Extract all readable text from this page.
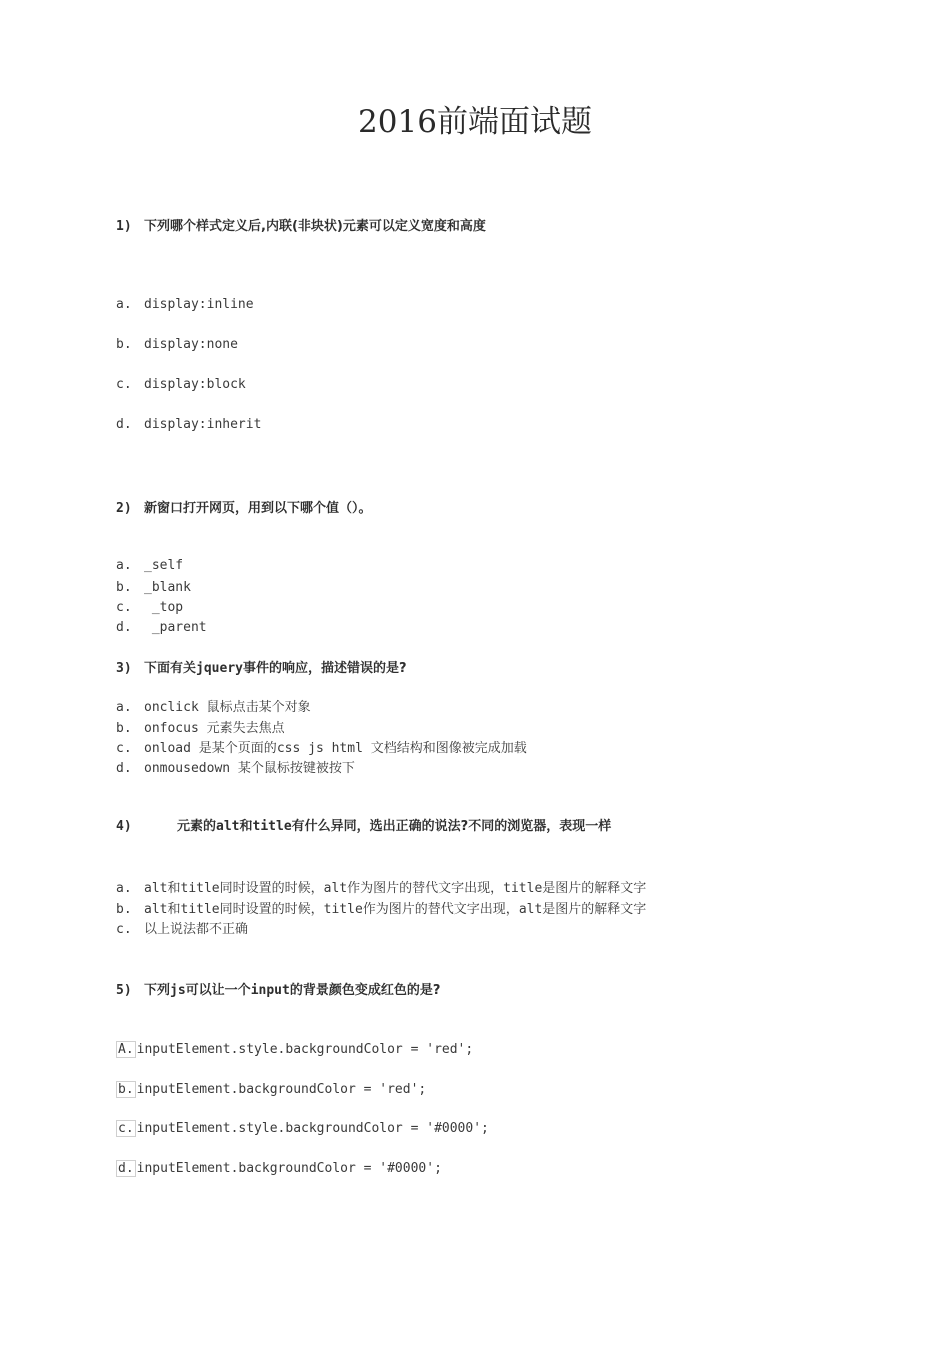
2016前端面试题
1) 下列哪个样式定义后,内联(非块状)元素可以定义宽度和高度
a. display:inline
b. display:none
c. display:block
d. display:inherit
2) 新窗口打开网页，用到以下哪个值（）。
a. _self
b. _blank
c. _top
d. _parent
3) 下面有关jquery事件的响应，描述错误的是?
a. onclick 鼠标点击某个对象
b. onfocus 元素失去焦点
c. onload 是某个页面的css js html 文档结构和图像被完成加载
d. onmousedown 某个鼠标按键被按下
4)	元素的alt和title有什么异同，选出正确的说法?不同的浏览器，表现一样
a. alt和title同时设置的时候，alt作为图片的替代文字出现，title是图片的解释文字
b. alt和title同时设置的时候，title作为图片的替代文字出现，alt是图片的解释文字
c. 以上说法都不正确
5) 下列js可以让一个input的背景颜色变成红色的是?
A. inputElement.style.backgroundColor = 'red';
b. inputElement.backgroundColor = 'red';
c. inputElement.style.backgroundColor = '#0000';
d. inputElement.backgroundColor = '#0000';
